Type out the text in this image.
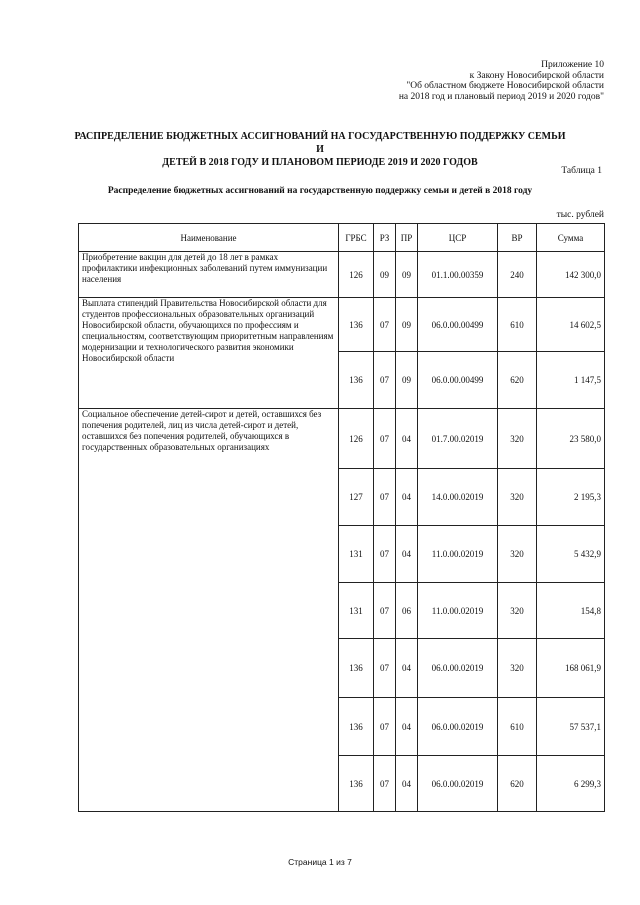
Приложение 10
к Закону Новосибирской области
"Об областном бюджете Новосибирской области
на 2018 год и плановый период 2019 и 2020 годов"
РАСПРЕДЕЛЕНИЕ БЮДЖЕТНЫХ АССИГНОВАНИЙ НА ГОСУДАРСТВЕННУЮ ПОДДЕРЖКУ СЕМЬИ И
ДЕТЕЙ В 2018 ГОДУ И ПЛАНОВОМ ПЕРИОДЕ 2019 И 2020 ГОДОВ
Таблица 1
Распределение бюджетных ассигнований на государственную поддержку семьи и детей в 2018 году
тыс. рублей
Наименование	ГРБС	РЗ	ПР	ЦСР	ВР	Сумма
Приобретение вакцин для детей до 18 лет в рамках профилактики инфекционных заболеваний путем иммунизации населения	126	09	09	01.1.00.00359	240	142 300,0
Выплата стипендий Правительства Новосибирской области для студентов профессиональных образовательных организаций Новосибирской области, обучающихся по профессиям и специальностям, соответствующим приоритетным направлениям модернизации и технологического развития экономики Новосибирской области	136	07	09	06.0.00.00499	610	14 602,5
	136	07	09	06.0.00.00499	620	1 147,5
Социальное обеспечение детей-сирот и детей, оставшихся без попечения родителей, лиц из числа детей-сирот и детей, оставшихся без попечения родителей, обучающихся в государственных образовательных организациях	126	07	04	01.7.00.02019	320	23 580,0
	127	07	04	14.0.00.02019	320	2 195,3
	131	07	04	11.0.00.02019	320	5 432,9
	131	07	06	11.0.00.02019	320	154,8
	136	07	04	06.0.00.02019	320	168 061,9
	136	07	04	06.0.00.02019	610	57 537,1
	136	07	04	06.0.00.02019	620	6 299,3
Страница 1 из 7
